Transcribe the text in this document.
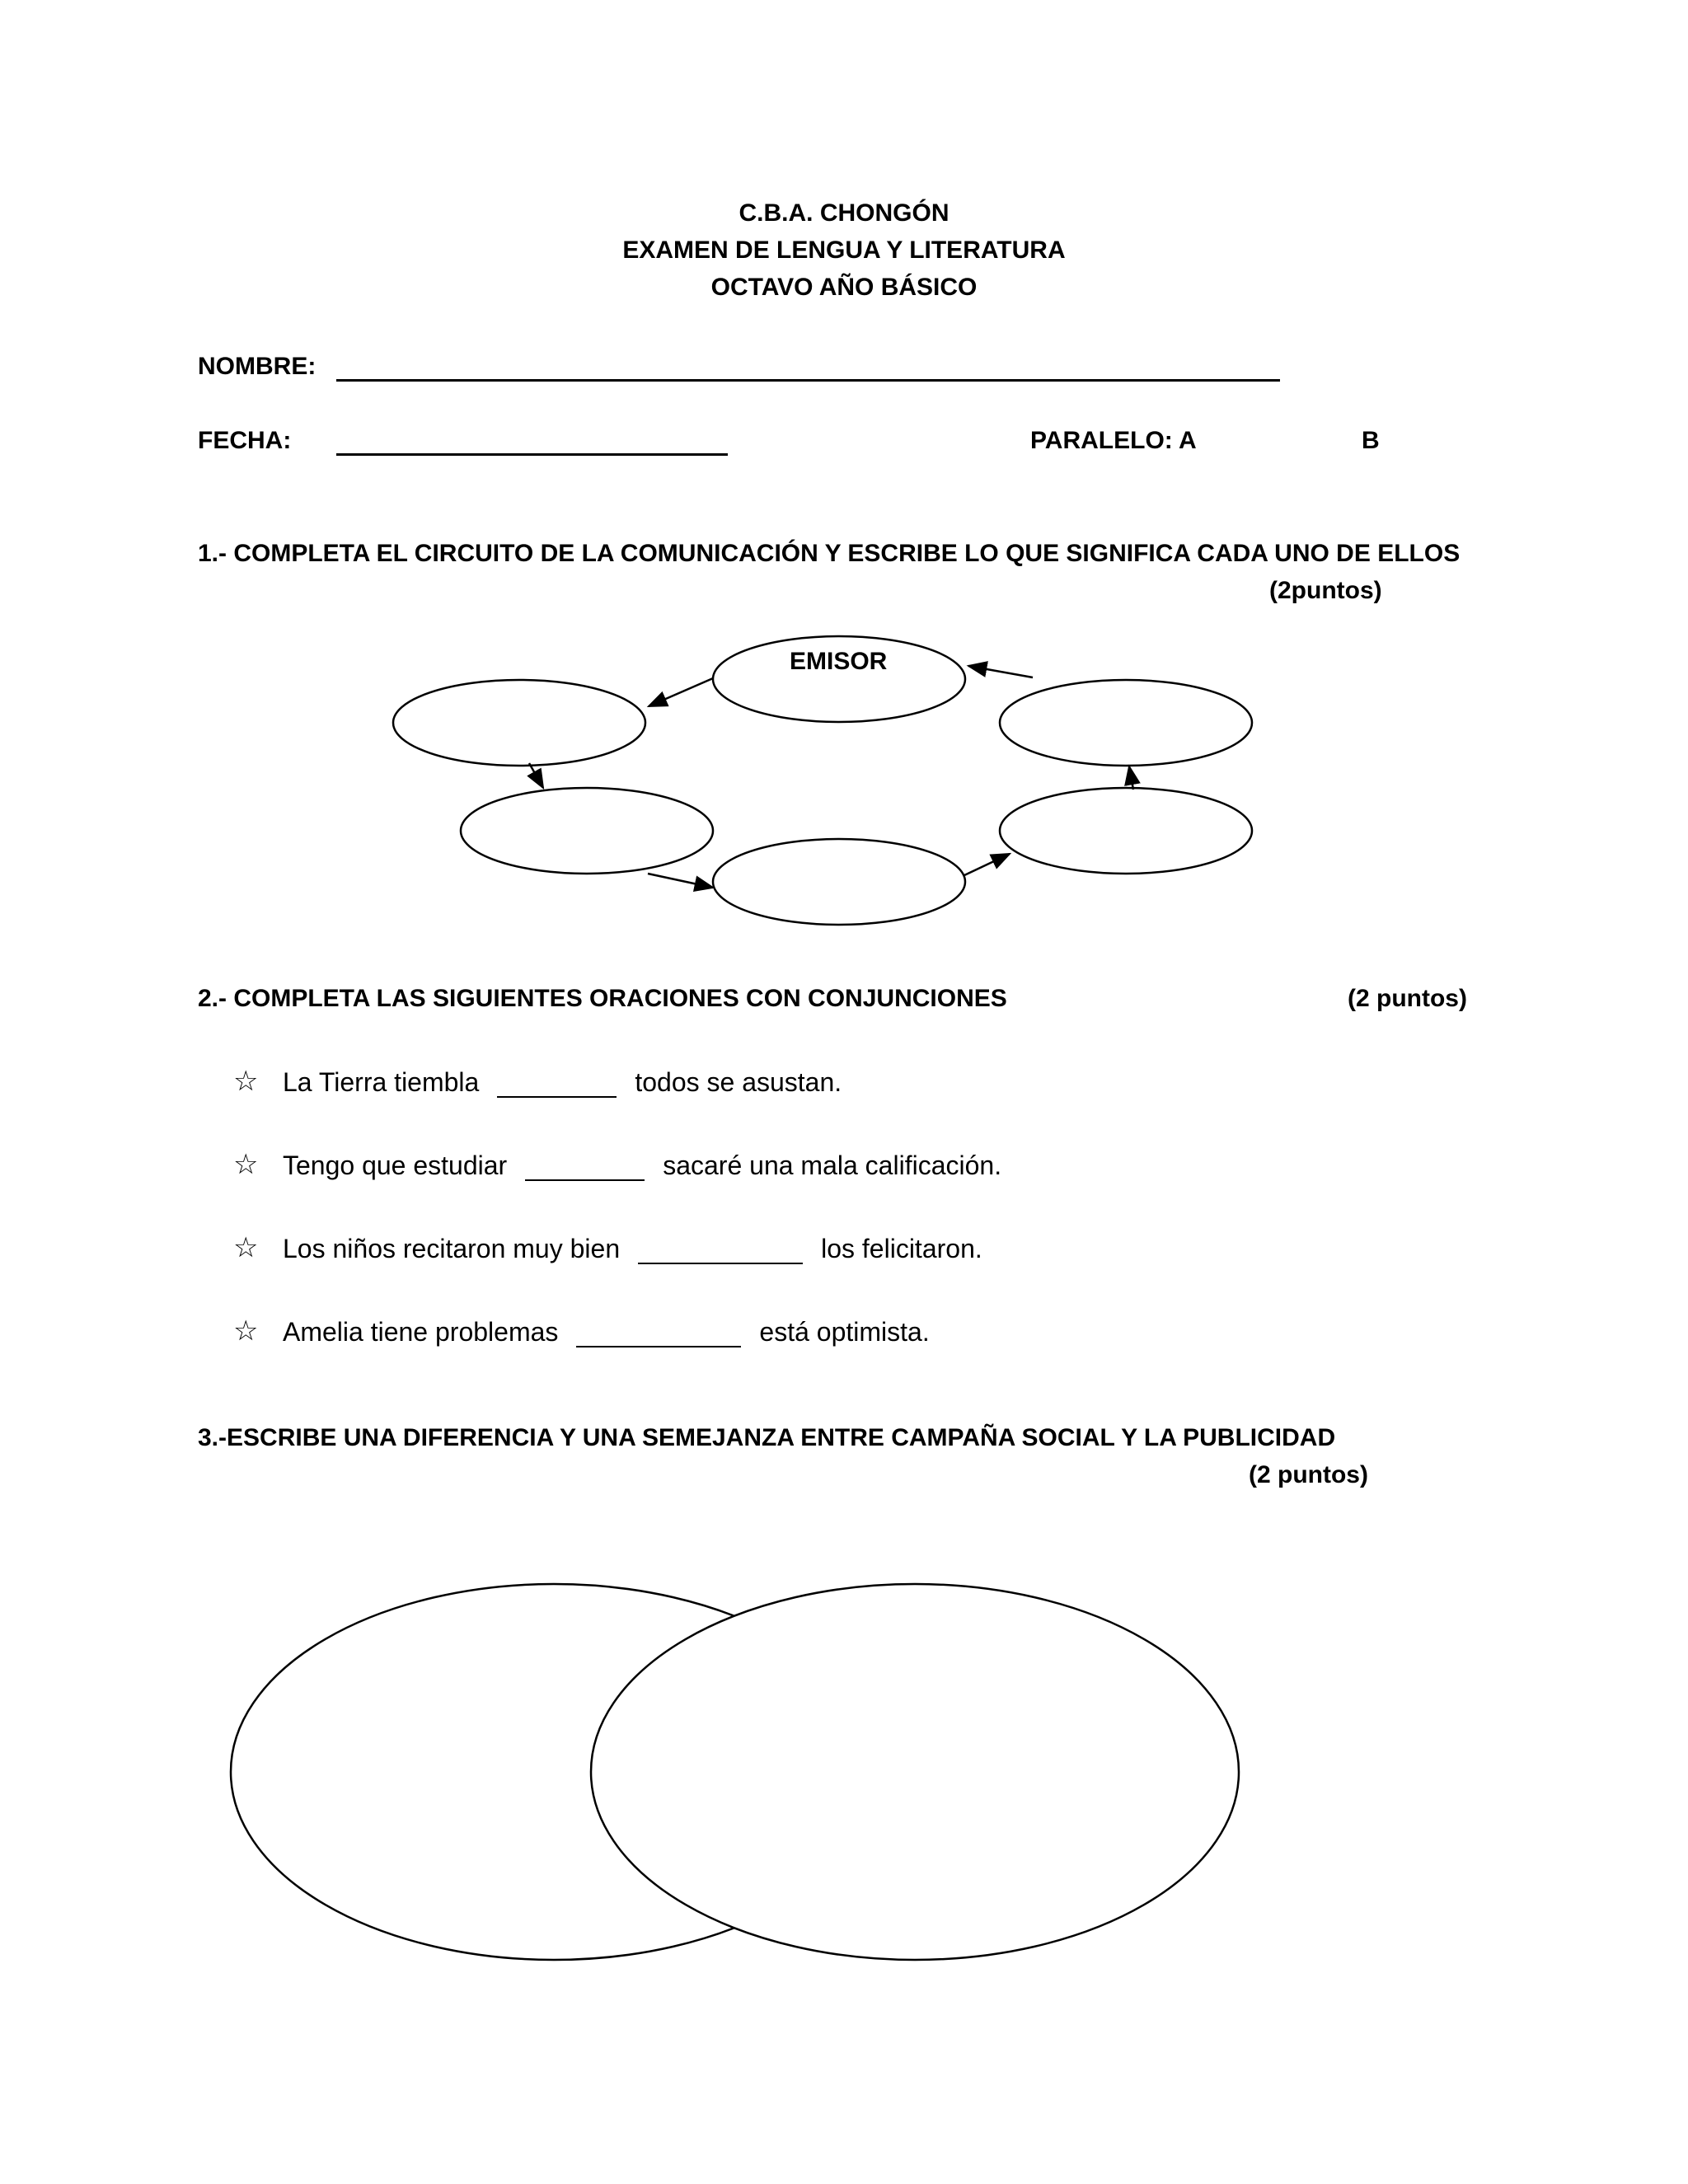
C.B.A. CHONGÓN
EXAMEN DE LENGUA Y LITERATURA
OCTAVO AÑO BÁSICO
NOMBRE:
FECHA:	PARALELO: A	B
1.- COMPLETA EL CIRCUITO DE LA COMUNICACIÓN Y ESCRIBE LO QUE SIGNIFICA CADA UNO DE ELLOS
(2puntos)
EMISOR
2.- COMPLETA LAS SIGUIENTES ORACIONES CON CONJUNCIONES	(2 puntos)
☆ La Tierra tiembla	todos se asustan.
☆ Tengo que estudiar	sacaré una mala calificación.
☆ Los niños recitaron muy bien	los felicitaron.
☆ Amelia tiene problemas	está optimista.
3.-ESCRIBE UNA DIFERENCIA Y UNA SEMEJANZA ENTRE CAMPAÑA SOCIAL Y LA PUBLICIDAD
(2 puntos)
